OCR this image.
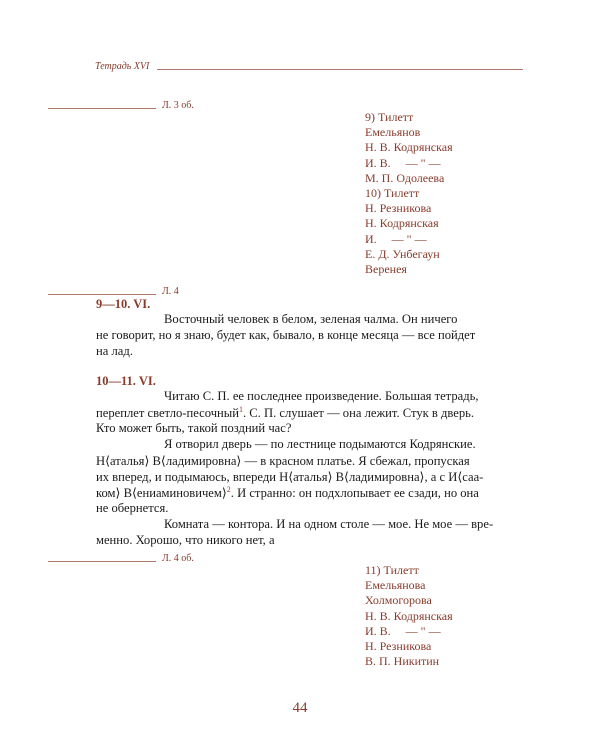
Тетрадь XVI
Л. 3 об.
9) Тилетт
Емельянов
Н. В. Кодрянская
И. В.     — " —
М. П. Одолеева
10) Тилетт
Н. Резникова
Н. Кодрянская
И.     — " —
Е. Д. Унбегаун
Веренея
Л. 4
9—10. VI.
Восточный человек в белом, зеленая чалма. Он ничего
не говорит, но я знаю, будет как, бывало, в конце месяца — все пойдет
на лад.
10—11. VI.
Читаю С. П. ее последнее произведение. Большая тетрадь,
переплет светло-песочный$^1$. С. П. слушает — она лежит. Стук в дверь.
Кто может быть, такой поздний час?
Я отворил дверь — по лестнице подымаются Кодрянские.
Н⟨аталья⟩ В⟨ладимировна⟩ — в красном платье. Я сбежал, пропуская
их вперед, и подымаюсь, впереди Н⟨аталья⟩ В⟨ладимировна⟩, а с И⟨саа-
ком⟩ В⟨ениаминовичем⟩$^2$. И странно: он подхлопывает ее сзади, но она
не обернется.
Комната — контора. И на одном столе — мое. Не мое — вре-
менно. Хорошо, что никого нет, а
Л. 4 об.
11) Тилетт
Емельянова
Холмогорова
Н. В. Кодрянская
И. В.     — " —
Н. Резникова
В. П. Никитин
44
